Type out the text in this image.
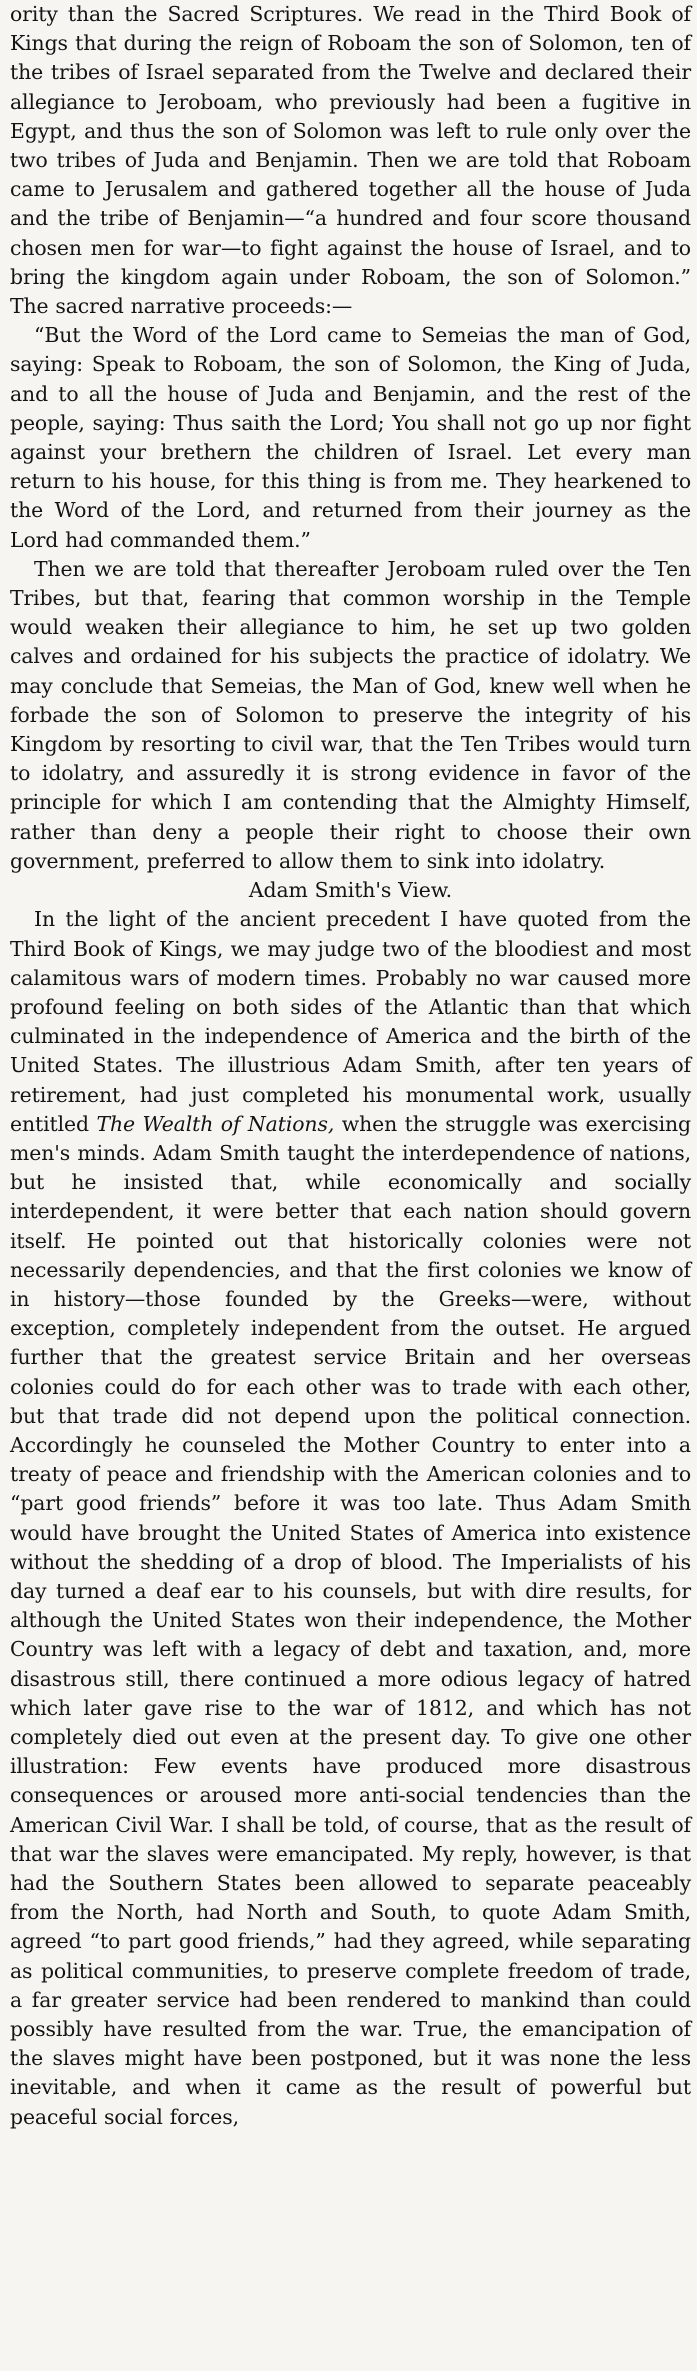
ority than the Sacred Scriptures. We read in the Third Book of Kings that during the reign of Roboam the son of Solomon, ten of the tribes of Israel separated from the Twelve and declared their allegiance to Jeroboam, who previously had been a fugitive in Egypt, and thus the son of Solomon was left to rule only over the two tribes of Juda and Benjamin. Then we are told that Roboam came to Jerusalem and gathered together all the house of Juda and the tribe of Benjamin—“a hundred and four score thousand chosen men for war—to fight against the house of Israel, and to bring the kingdom again under Roboam, the son of Solomon.” The sacred narrative proceeds:—

“But the Word of the Lord came to Semeias the man of God, saying: Speak to Roboam, the son of Solomon, the King of Juda, and to all the house of Juda and Benjamin, and the rest of the people, saying: Thus saith the Lord; You shall not go up nor fight against your brethern the children of Israel. Let every man return to his house, for this thing is from me. They hearkened to the Word of the Lord, and returned from their journey as the Lord had commanded them.”

Then we are told that thereafter Jeroboam ruled over the Ten Tribes, but that, fearing that common worship in the Temple would weaken their allegiance to him, he set up two golden calves and ordained for his subjects the practice of idolatry. We may conclude that Semeias, the Man of God, knew well when he forbade the son of Solomon to preserve the integrity of his Kingdom by resorting to civil war, that the Ten Tribes would turn to idolatry, and assuredly it is strong evidence in favor of the principle for which I am contending that the Almighty Himself, rather than deny a people their right to choose their own government, preferred to allow them to sink into idolatry.

Adam Smith's View.

In the light of the ancient precedent I have quoted from the Third Book of Kings, we may judge two of the bloodiest and most calamitous wars of modern times. Probably no war caused more profound feeling on both sides of the Atlantic than that which culminated in the independence of America and the birth of the United States. The illustrious Adam Smith, after ten years of retirement, had just completed his monumental work, usually entitled The Wealth of Nations, when the struggle was exercising men's minds. Adam Smith taught the interdependence of nations, but he insisted that, while economically and socially interdependent, it were better that each nation should govern itself. He pointed out that historically colonies were not necessarily dependencies, and that the first colonies we know of in history—those founded by the Greeks—were, without exception, completely independent from the outset. He argued further that the greatest service Britain and her overseas colonies could do for each other was to trade with each other, but that trade did not depend upon the political connection. Accordingly he counseled the Mother Country to enter into a treaty of peace and friendship with the American colonies and to “part good friends” before it was too late. Thus Adam Smith would have brought the United States of America into existence without the shedding of a drop of blood. The Imperialists of his day turned a deaf ear to his counsels, but with dire results, for although the United States won their independence, the Mother Country was left with a legacy of debt and taxation, and, more disastrous still, there continued a more odious legacy of hatred which later gave rise to the war of 1812, and which has not completely died out even at the present day. To give one other illustration: Few events have produced more disastrous consequences or aroused more anti-social tendencies than the American Civil War. I shall be told, of course, that as the result of that war the slaves were emancipated. My reply, however, is that had the Southern States been allowed to separate peaceably from the North, had North and South, to quote Adam Smith, agreed “to part good friends,” had they agreed, while separating as political communities, to preserve complete freedom of trade, a far greater service had been rendered to mankind than could possibly have resulted from the war. True, the emancipation of the slaves might have been postponed, but it was none the less inevitable, and when it came as the result of powerful but peaceful social forces,
